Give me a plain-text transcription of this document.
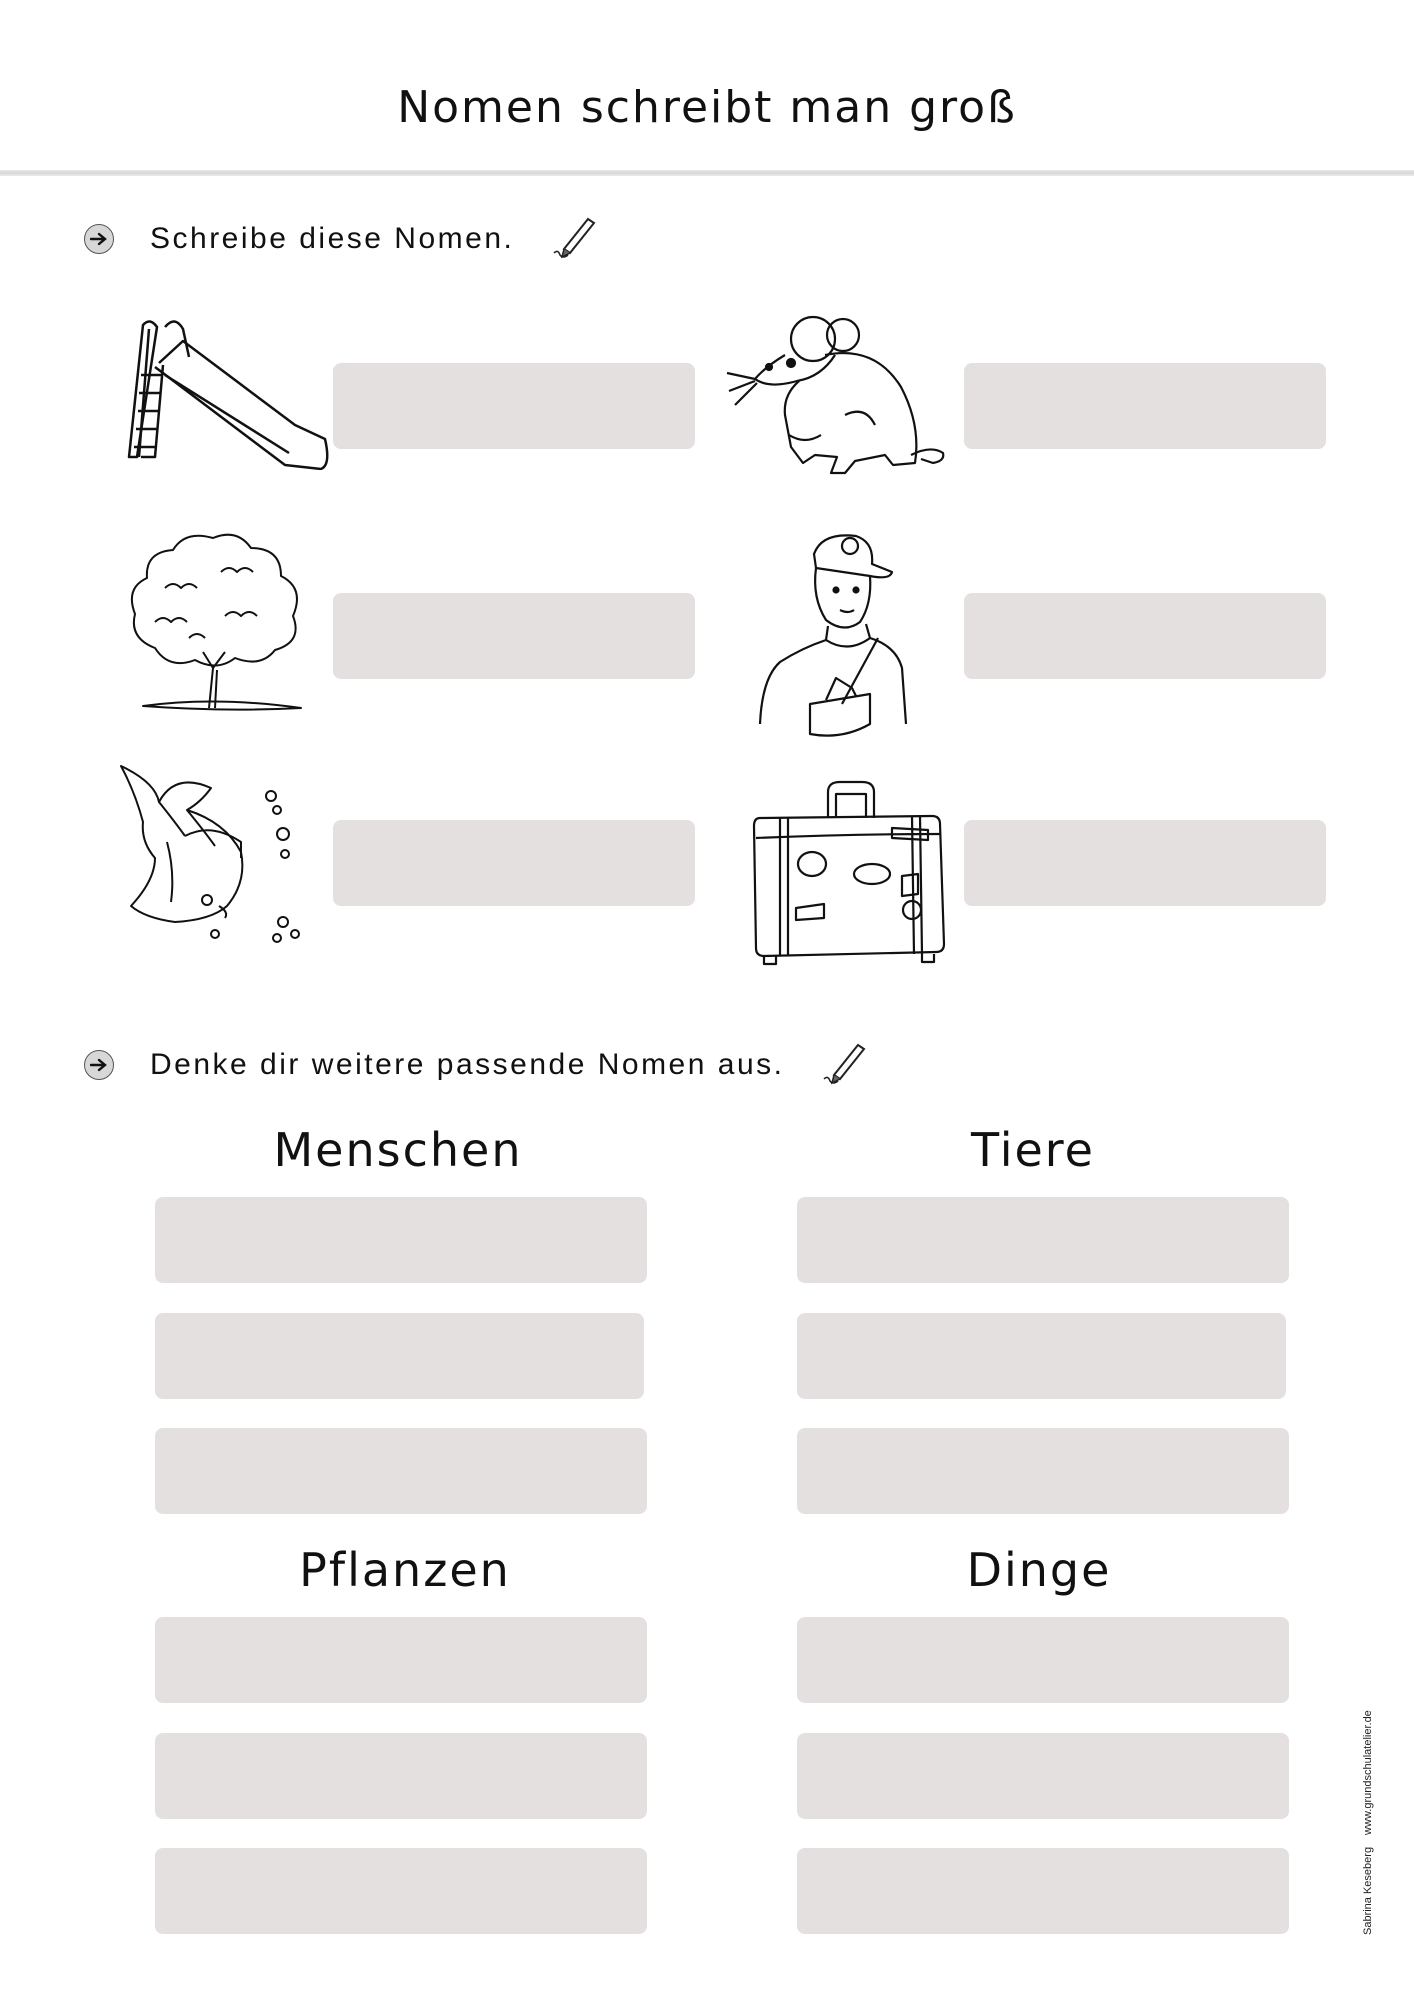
Nomen schreibt man groß
Schreibe diese Nomen.
Denke dir weitere passende Nomen aus.
Menschen	Tiere
Pflanzen	Dinge
Sabrina Kesebergwww.grundschulatelier.de
